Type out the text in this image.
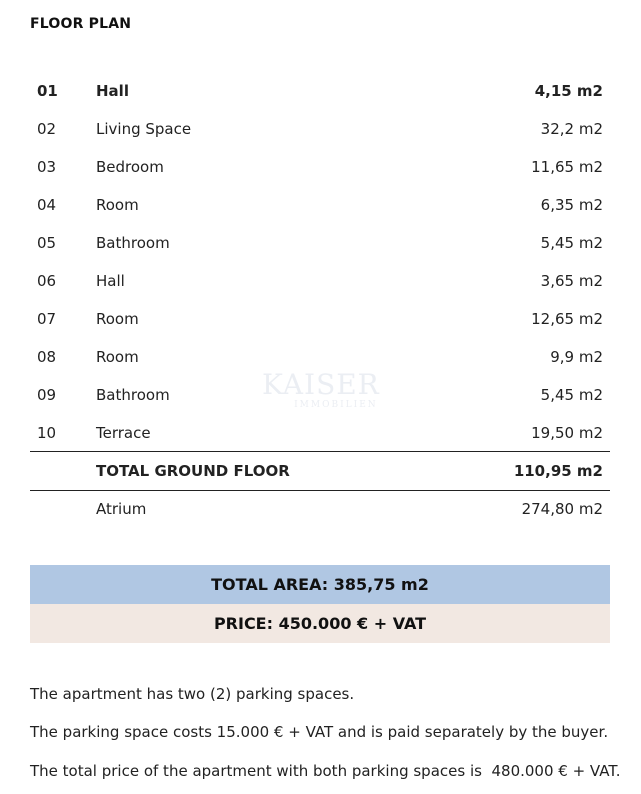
FLOOR PLAN
01	Hall	4,15 m2
02	Living Space	32,2 m2
03	Bedroom	11,65 m2
04	Room	6,35 m2
05	Bathroom	5,45 m2
06	Hall	3,65 m2
07	Room	12,65 m2
08	Room	9,9 m2
09	Bathroom	5,45 m2
10	Terrace	19,50 m2
TOTAL GROUND FLOOR	110,95 m2
Atrium	274,80 m2
KAISER
IMMOBILIEN
TOTAL AREA: 385,75 m2
PRICE: 450.000 € + VAT
The apartment has two (2) parking spaces.
The parking space costs 15.000 € + VAT and is paid separately by the buyer.
The total price of the apartment with both parking spaces is  480.000 € + VAT.
